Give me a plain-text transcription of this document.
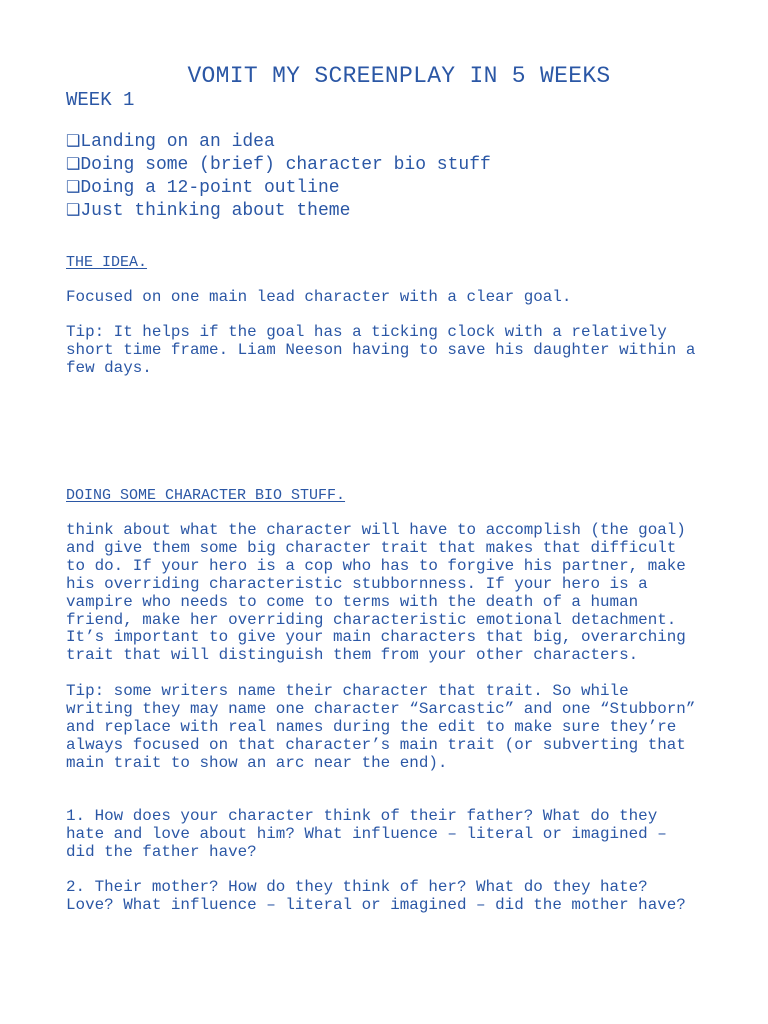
VOMIT MY SCREENPLAY IN 5 WEEKS
WEEK 1
❑Landing on an idea
❑Doing some (brief) character bio stuff
❑Doing a 12-point outline
❑Just thinking about theme
THE IDEA.

Focused on one main lead character with a clear goal.

Tip: It helps if the goal has a ticking clock with a relatively
short time frame. Liam Neeson having to save his daughter within a
few days.

DOING SOME CHARACTER BIO STUFF.

think about what the character will have to accomplish (the goal)
and give them some big character trait that makes that difficult
to do. If your hero is a cop who has to forgive his partner, make
his overriding characteristic stubbornness. If your hero is a
vampire who needs to come to terms with the death of a human
friend, make her overriding characteristic emotional detachment.
It’s important to give your main characters that big, overarching
trait that will distinguish them from your other characters.

Tip: some writers name their character that trait. So while
writing they may name one character “Sarcastic” and one “Stubborn”
and replace with real names during the edit to make sure they’re
always focused on that character’s main trait (or subverting that
main trait to show an arc near the end).

1. How does your character think of their father? What do they
hate and love about him? What influence – literal or imagined –
did the father have?

2. Their mother? How do they think of her? What do they hate?
Love? What influence – literal or imagined – did the mother have?
